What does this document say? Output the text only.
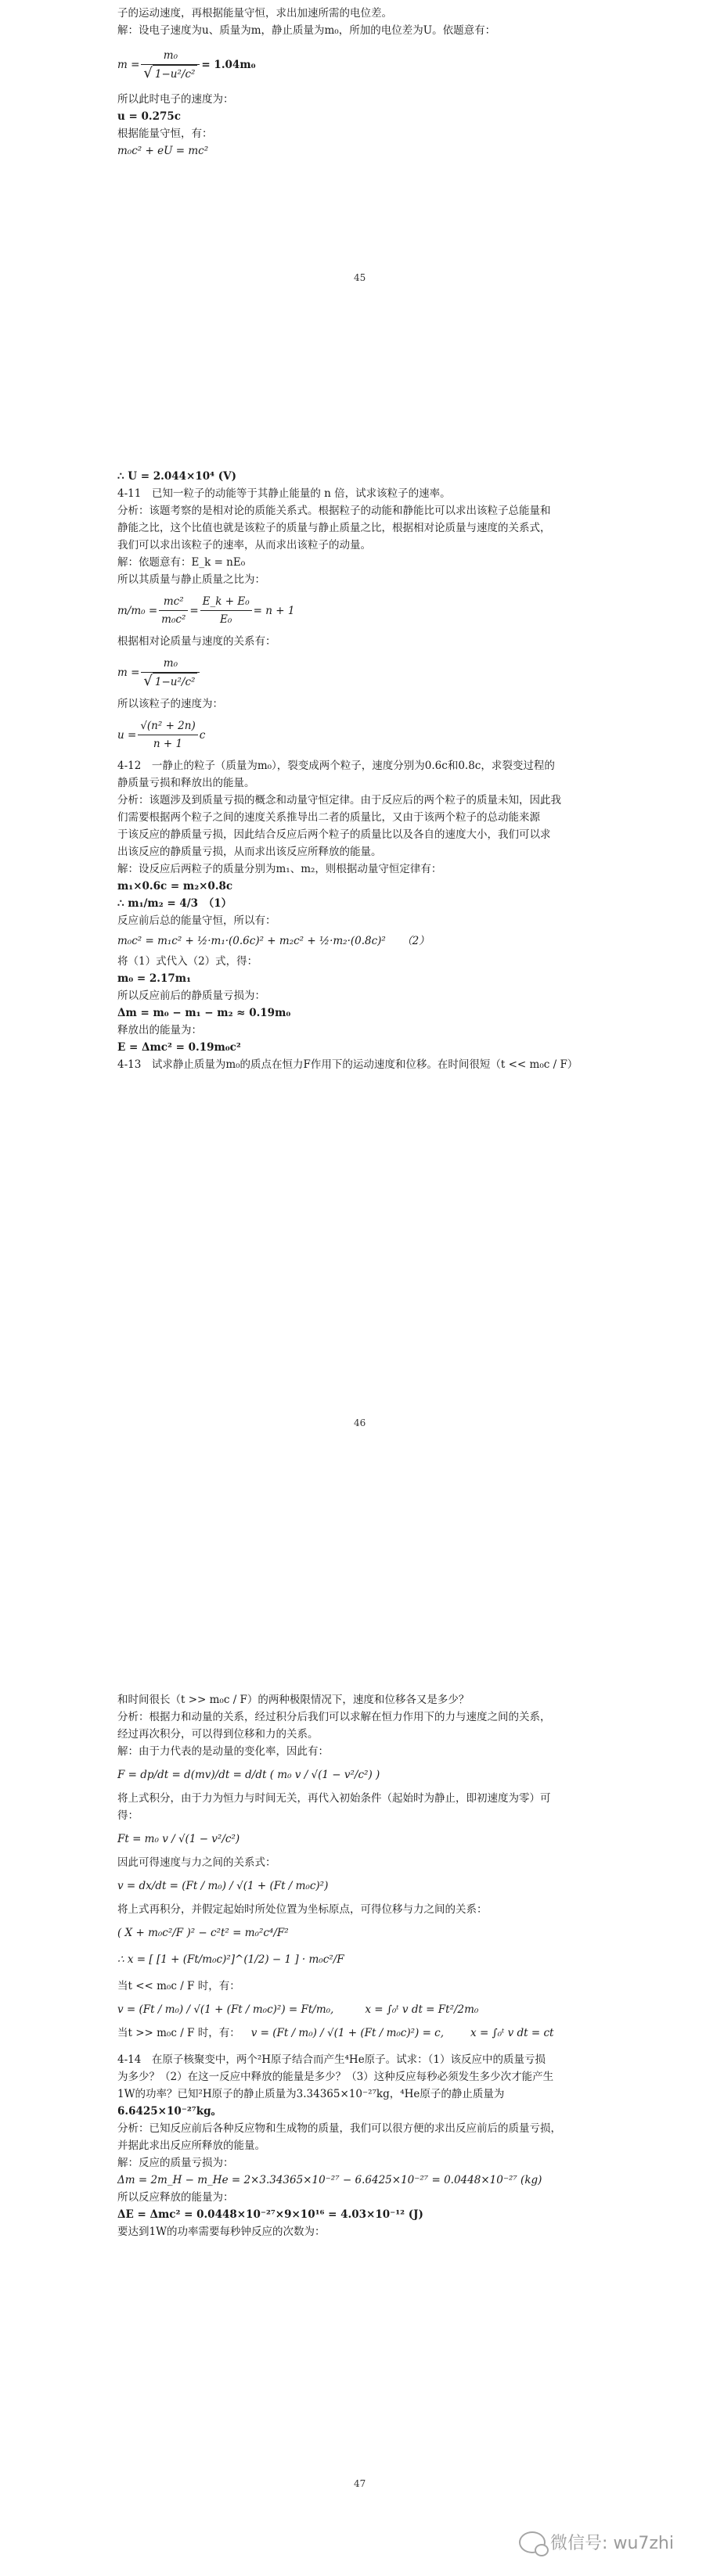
子的运动速度，再根据能量守恒，求出加速所需的电位差。
解：设电子速度为u、质量为m，静止质量为m₀，所加的电位差为U。依题意有：
$m = \frac{\text{m₀}}{\text{√ 1−u²/c²}} = 1.04m_0$
所以此时电子的速度为：
u = 0.275c
根据能量守恒，有：
m₀c² + eU = mc²
45
∴ U = 2.044×10⁴ (V)
4-11　已知一粒子的动能等于其静止能量的 n 倍，试求该粒子的速率。
分析：该题考察的是相对论的质能关系式。根据粒子的动能和静能比可以求出该粒子总能量和
静能之比，这个比值也就是该粒子的质量与静止质量之比，根据相对论质量与速度的关系式，
我们可以求出该粒子的速率，从而求出该粒子的动量。
解：依题意有：E_k = nE₀
所以其质量与静止质量之比为：
$m/m_0 = \frac{\text{mc²}}{\text{m₀c²}} = \frac{\text{E\_k + E₀}}{\text{E₀}} = n + 1$
根据相对论质量与速度的关系有：
$m = \frac{\text{m₀}}{\text{√ 1−u²/c²}}$
所以该粒子的速度为：
$u = \frac{\text{√(n² + 2n)}}{n + 1}$ c
4-12　一静止的粒子（质量为m₀），裂变成两个粒子，速度分别为0.6c和0.8c，求裂变过程的
静质量亏损和释放出的能量。
分析：该题涉及到质量亏损的概念和动量守恒定律。由于反应后的两个粒子的质量未知，因此我
们需要根据两个粒子之间的速度关系推导出二者的质量比，又由于该两个粒子的总动能来源
于该反应的静质量亏损，因此结合反应后两个粒子的质量比以及各自的速度大小，我们可以求
出该反应的静质量亏损，从而求出该反应所释放的能量。
解：设反应后两粒子的质量分别为m₁、m₂，则根据动量守恒定律有：
m₁×0.6c = m₂×0.8c
∴ m₁/m₂ = 4/3　（1）
反应前后总的能量守恒，所以有：
m₀c² = m₁c² + ½·m₁·(0.6c)² + m₂c² + ½·m₂·(0.8c)²　　（2）
将（1）式代入（2）式，得：
m₀ = 2.17m₁
所以反应前后的静质量亏损为：
Δm = m₀ − m₁ − m₂ ≈ 0.19m₀
释放出的能量为：
E = Δmc² = 0.19m₀c²
4-13　试求静止质量为m₀的质点在恒力F作用下的运动速度和位移。在时间很短（t << m₀c / F）
46
和时间很长（t >> m₀c / F）的两种极限情况下，速度和位移各又是多少？
分析：根据力和动量的关系，经过积分后我们可以求解在恒力作用下的力与速度之间的关系，
经过再次积分，可以得到位移和力的关系。
解：由于力代表的是动量的变化率，因此有：
F = dp/dt = d(mv)/dt = d/dt ( m₀ v / √(1 − v²/c²) )
将上式积分，由于力为恒力与时间无关，再代入初始条件（起始时为静止，即初速度为零）可
得：
Ft = m₀ v / √(1 − v²/c²)
因此可得速度与力之间的关系式：
v = dx/dt = (Ft / m₀) / √(1 + (Ft / m₀c)²)
将上式再积分，并假定起始时所处位置为坐标原点，可得位移与力之间的关系：
( X + m₀c²/F )² − c²t² = m₀²c⁴/F²
∴ x = [ [1 + (Ft/m₀c)²]^(1/2) − 1 ] · m₀c²/F
当t << m₀c / F 时，有：
v = (Ft / m₀) / √(1 + (Ft / m₀c)²) = Ft/m₀,	x = ∫₀ᵗ v dt = Ft²/2m₀
当t >> m₀c / F 时，有： v = (Ft / m₀) / √(1 + (Ft / m₀c)²) = c,	x = ∫₀ᵗ v dt = ct
4-14　在原子核聚变中，两个²H原子结合而产生⁴He原子。试求：（1）该反应中的质量亏损
为多少？（2）在这一反应中释放的能量是多少？（3）这种反应每秒必须发生多少次才能产生
1W的功率？已知²H原子的静止质量为3.34365×10⁻²⁷kg，⁴He原子的静止质量为
6.6425×10⁻²⁷kg。
分析：已知反应前后各种反应物和生成物的质量，我们可以很方便的求出反应前后的质量亏损，
并据此求出反应所释放的能量。
解：反应的质量亏损为：
Δm = 2m_H − m_He = 2×3.34365×10⁻²⁷ − 6.6425×10⁻²⁷ = 0.0448×10⁻²⁷ (kg)
所以反应释放的能量为：
ΔE = Δmc² = 0.0448×10⁻²⁷×9×10¹⁶ = 4.03×10⁻¹² (J)
要达到1W的功率需要每秒钟反应的次数为：
47
微信号: wu7zhi
